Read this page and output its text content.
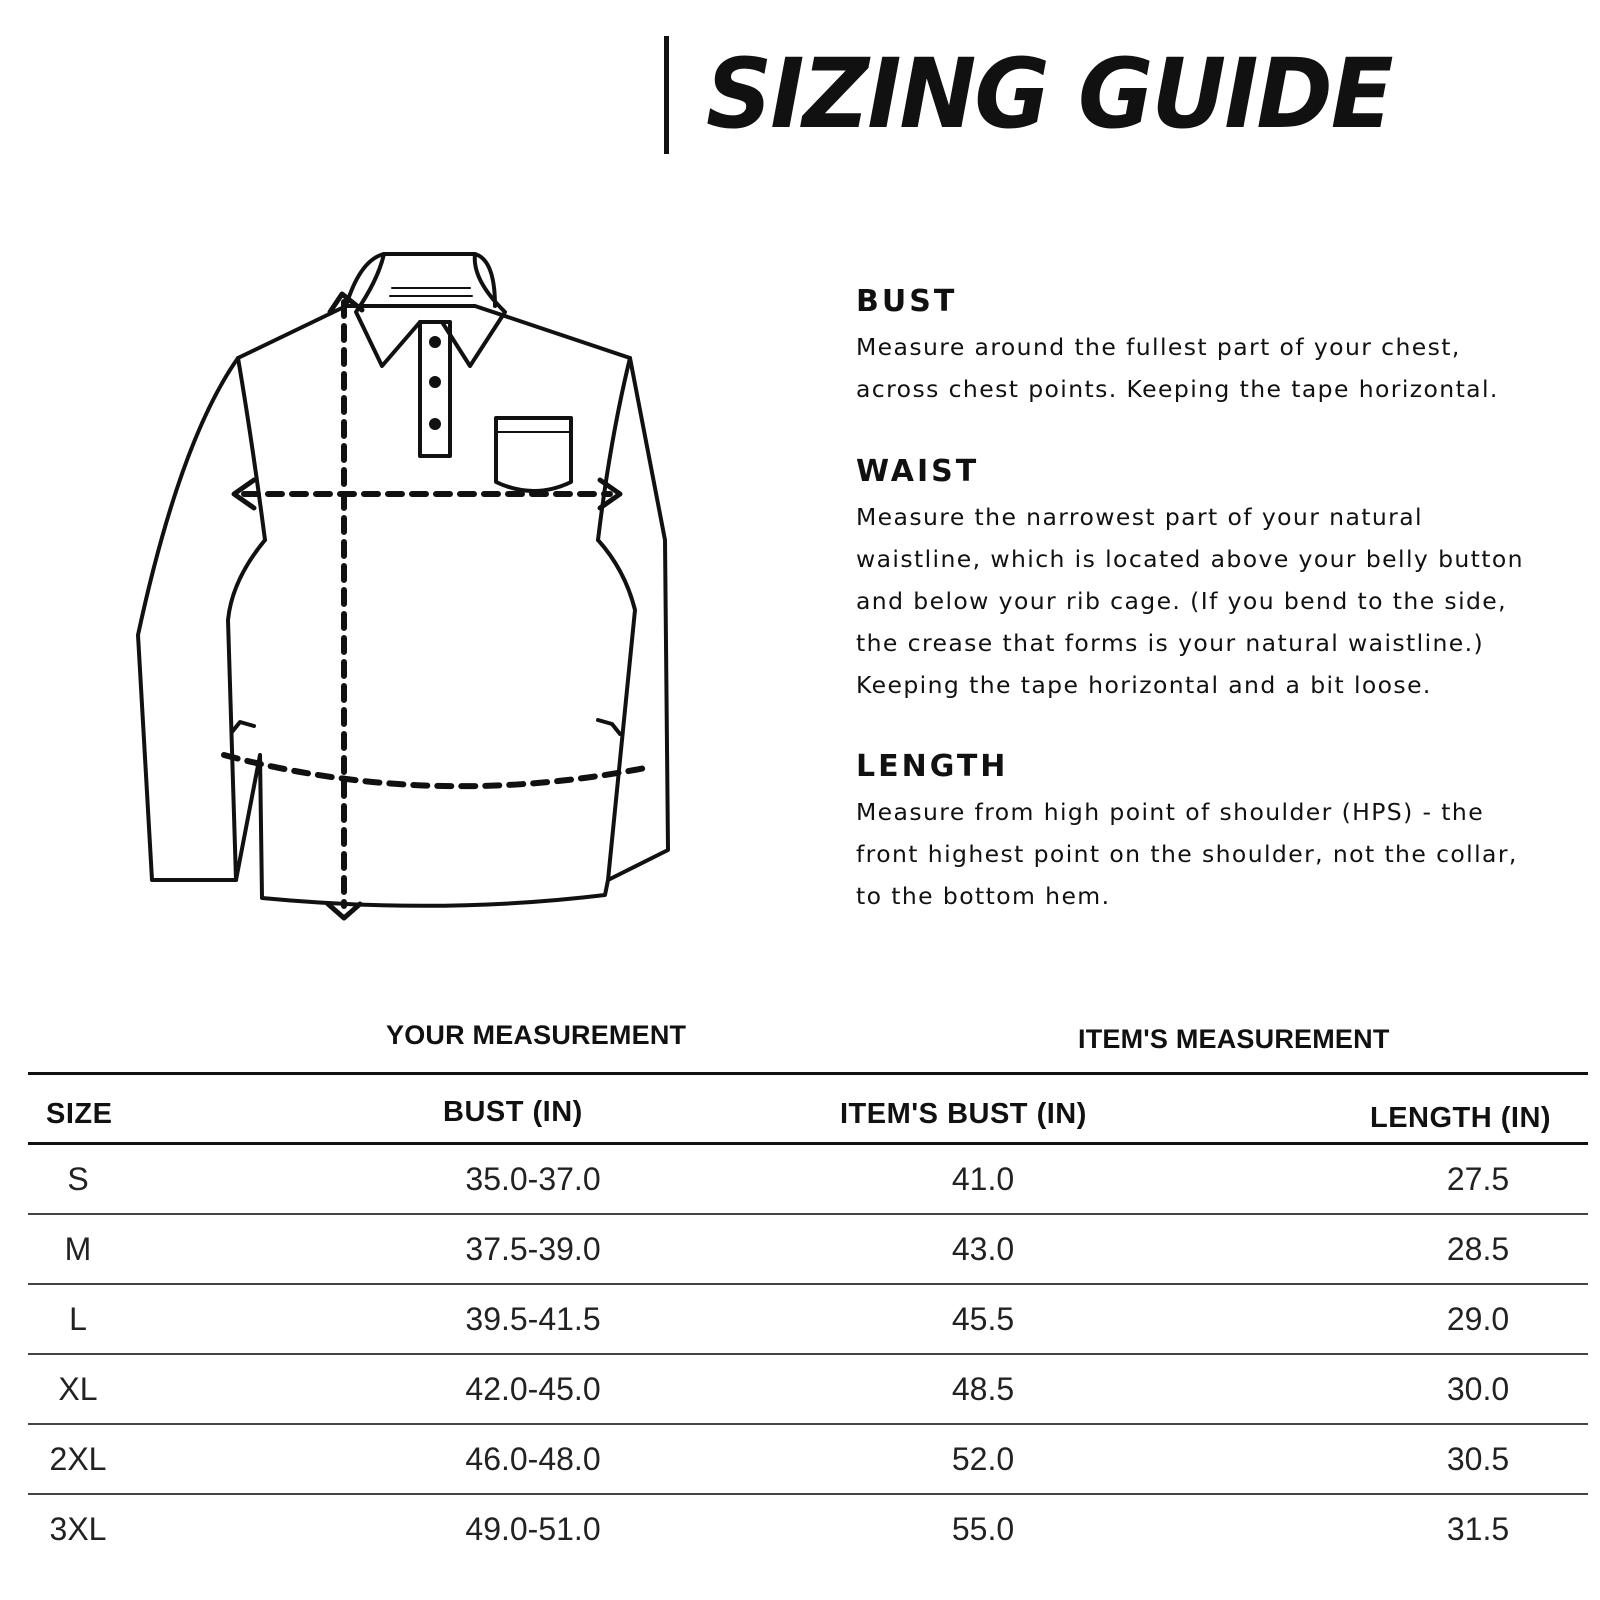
SIZING GUIDE
BUST

Measure around the fullest part of your chest,
across chest points. Keeping the tape horizontal.

WAIST

Measure the narrowest part of your natural
waistline, which is located above your belly button
and below your rib cage. (If you bend to the side,
the crease that forms is your natural waistline.)
Keeping the tape horizontal and a bit loose.

LENGTH

Measure from high point of shoulder (HPS) - the
front highest point on the shoulder, not the collar,
to the bottom hem.

YOUR MEASUREMENT	ITEM'S MEASUREMENT
SIZE	BUST (IN)	ITEM'S BUST (IN)	LENGTH (IN)
S	35.0-37.0	41.0	27.5
M	37.5-39.0	43.0	28.5
L	39.5-41.5	45.5	29.0
XL	42.0-45.0	48.5	30.0
2XL	46.0-48.0	52.0	30.5
3XL	49.0-51.0	55.0	31.5
